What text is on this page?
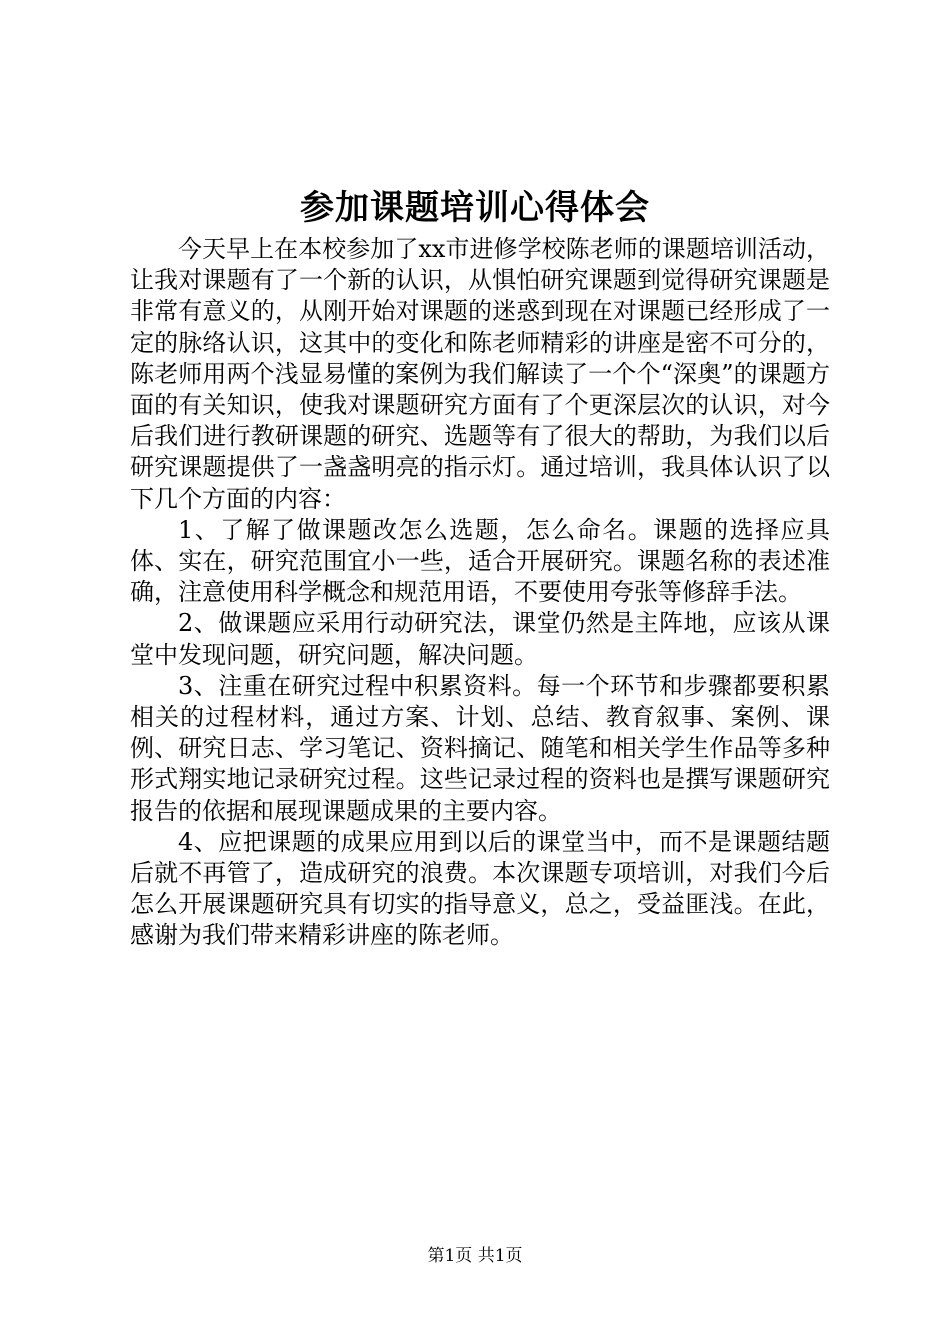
参加课题培训心得体会

今天早上在本校参加了xx市进修学校陈老师的课题培训活动，让我对课题有了一个新的认识，从惧怕研究课题到觉得研究课题是非常有意义的，从刚开始对课题的迷惑到现在对课题已经形成了一定的脉络认识，这其中的变化和陈老师精彩的讲座是密不可分的，陈老师用两个浅显易懂的案例为我们解读了一个个“深奥”的课题方面的有关知识，使我对课题研究方面有了个更深层次的认识，对今后我们进行教研课题的研究、选题等有了很大的帮助，为我们以后研究课题提供了一盏盏明亮的指示灯。通过培训，我具体认识了以下几个方面的内容：

1、了解了做课题改怎么选题，怎么命名。课题的选择应具体、实在，研究范围宜小一些，适合开展研究。课题名称的表述准确，注意使用科学概念和规范用语，不要使用夸张等修辞手法。

2、做课题应采用行动研究法，课堂仍然是主阵地，应该从课堂中发现问题，研究问题，解决问题。

3、注重在研究过程中积累资料。每一个环节和步骤都要积累相关的过程材料，通过方案、计划、总结、教育叙事、案例、课例、研究日志、学习笔记、资料摘记、随笔和相关学生作品等多种形式翔实地记录研究过程。这些记录过程的资料也是撰写课题研究报告的依据和展现课题成果的主要内容。

4、应把课题的成果应用到以后的课堂当中，而不是课题结题后就不再管了，造成研究的浪费。本次课题专项培训，对我们今后怎么开展课题研究具有切实的指导意义，总之，受益匪浅。在此，感谢为我们带来精彩讲座的陈老师。

第1页 共1页
